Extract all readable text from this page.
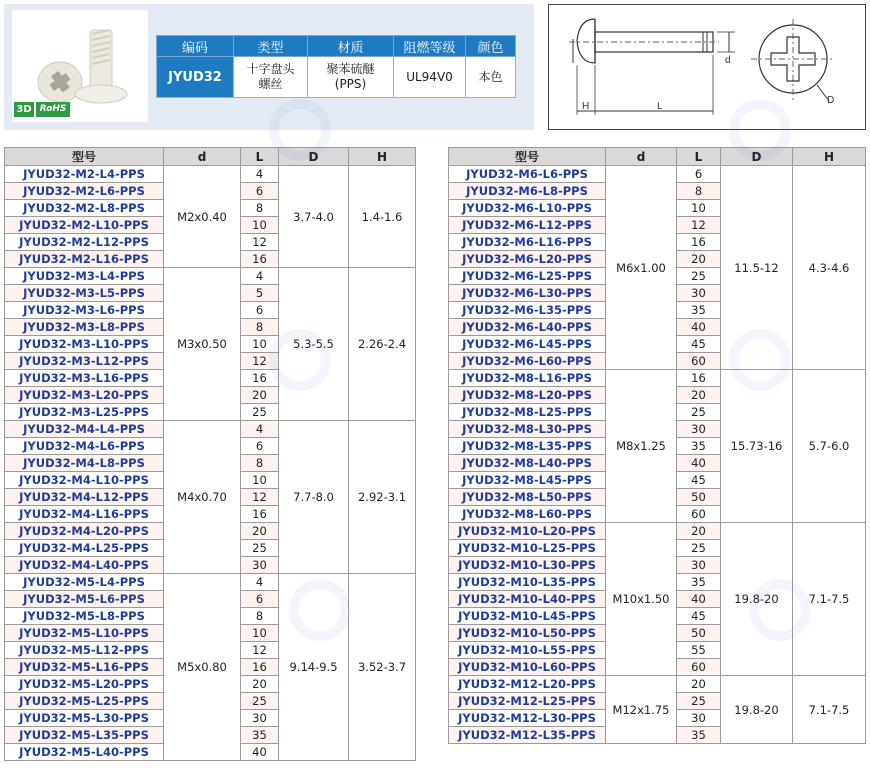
3D RoHS
编码	类型	材质	阻燃等级	颜色
JYUD32	十字盘头螺丝	聚苯硫醚(PPS)	UL94V0	本色
d
H	L
D
型号	d	L	D	H
JYUD32-M2-L4-PPS	M2x0.40	4	3.7-4.0	1.4-1.6
JYUD32-M2-L6-PPS		6		
JYUD32-M2-L8-PPS		8		
JYUD32-M2-L10-PPS		10		
JYUD32-M2-L12-PPS		12		
JYUD32-M2-L16-PPS		16		
JYUD32-M3-L4-PPS	M3x0.50	4	5.3-5.5	2.26-2.4
JYUD32-M3-L5-PPS		5		
JYUD32-M3-L6-PPS		6		
JYUD32-M3-L8-PPS		8		
JYUD32-M3-L10-PPS		10		
JYUD32-M3-L12-PPS		12		
JYUD32-M3-L16-PPS		16		
JYUD32-M3-L20-PPS		20		
JYUD32-M3-L25-PPS		25		
JYUD32-M4-L4-PPS	M4x0.70	4	7.7-8.0	2.92-3.1
JYUD32-M4-L6-PPS		6		
JYUD32-M4-L8-PPS		8		
JYUD32-M4-L10-PPS		10		
JYUD32-M4-L12-PPS		12		
JYUD32-M4-L16-PPS		16		
JYUD32-M4-L20-PPS		20		
JYUD32-M4-L25-PPS		25		
JYUD32-M4-L40-PPS		30		
JYUD32-M5-L4-PPS	M5x0.80	4	9.14-9.5	3.52-3.7
JYUD32-M5-L6-PPS		6		
JYUD32-M5-L8-PPS		8		
JYUD32-M5-L10-PPS		10		
JYUD32-M5-L12-PPS		12		
JYUD32-M5-L16-PPS		16		
JYUD32-M5-L20-PPS		20		
JYUD32-M5-L25-PPS		25		
JYUD32-M5-L30-PPS		30		
JYUD32-M5-L35-PPS		35		
JYUD32-M5-L40-PPS		40		
型号	d	L	D	H
JYUD32-M6-L6-PPS	M6x1.00	6	11.5-12	4.3-4.6
JYUD32-M6-L8-PPS		8		
JYUD32-M6-L10-PPS		10		
JYUD32-M6-L12-PPS		12		
JYUD32-M6-L16-PPS		16		
JYUD32-M6-L20-PPS		20		
JYUD32-M6-L25-PPS		25		
JYUD32-M6-L30-PPS		30		
JYUD32-M6-L35-PPS		35		
JYUD32-M6-L40-PPS		40		
JYUD32-M6-L45-PPS		45		
JYUD32-M6-L60-PPS		60		
JYUD32-M8-L16-PPS	M8x1.25	16	15.73-16	5.7-6.0
JYUD32-M8-L20-PPS		20		
JYUD32-M8-L25-PPS		25		
JYUD32-M8-L30-PPS		30		
JYUD32-M8-L35-PPS		35		
JYUD32-M8-L40-PPS		40		
JYUD32-M8-L45-PPS		45		
JYUD32-M8-L50-PPS		50		
JYUD32-M8-L60-PPS		60		
JYUD32-M10-L20-PPS	M10x1.50	20	19.8-20	7.1-7.5
JYUD32-M10-L25-PPS		25		
JYUD32-M10-L30-PPS		30		
JYUD32-M10-L35-PPS		35		
JYUD32-M10-L40-PPS		40		
JYUD32-M10-L45-PPS		45		
JYUD32-M10-L50-PPS		50		
JYUD32-M10-L55-PPS		55		
JYUD32-M10-L60-PPS		60		
JYUD32-M12-L20-PPS	M12x1.75	20	19.8-20	7.1-7.5
JYUD32-M12-L25-PPS		25		
JYUD32-M12-L30-PPS		30		
JYUD32-M12-L35-PPS		35		
